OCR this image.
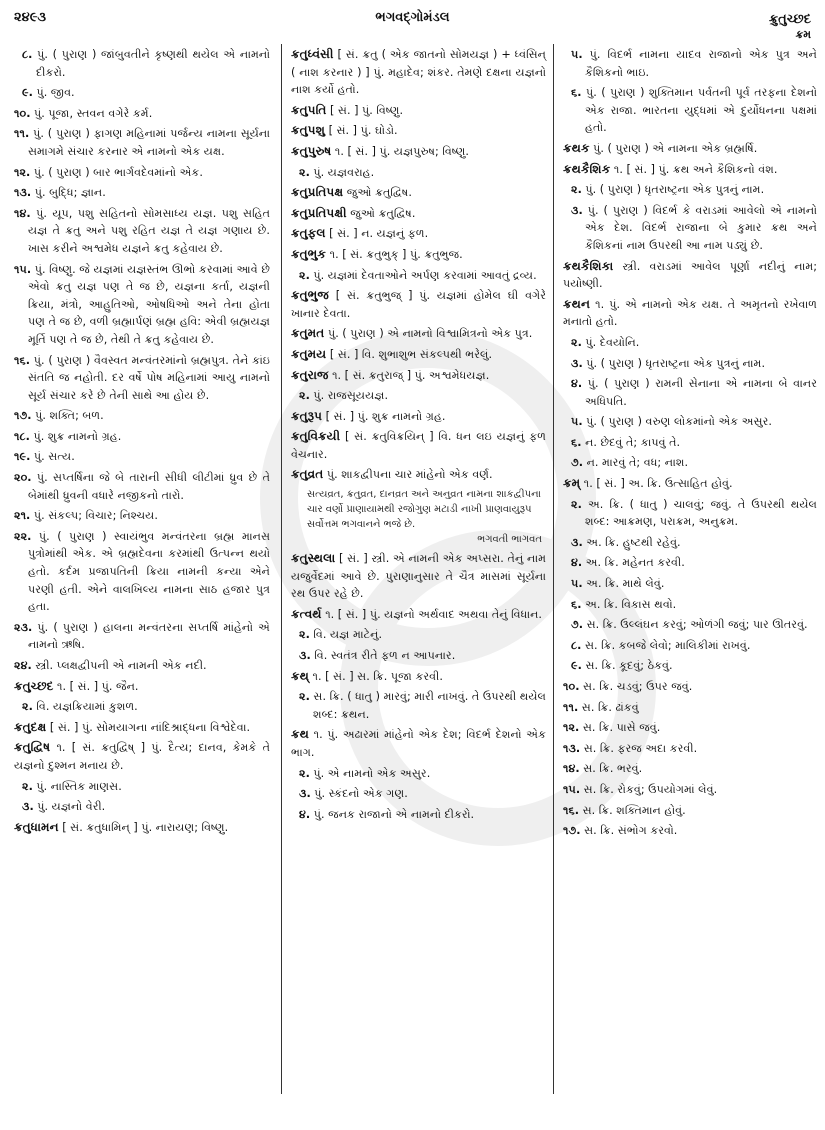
૨૪૯૩	ભગવદ્ગોમંડલ	ક્રુતુચ્છદ
ક્રમ
૮. પું. ( પુરાણ ) જાંબુવતીને કૃષ્ણથી થયેલ એ નામનો દીકરો.
૯. પું. જીવ.
૧૦. પું. પૂજા, સ્તવન વગેરે કર્મ.
૧૧. પું. ( પુરાણ ) ફાગણ મહિનામાં પર્જન્ય નામના સૂર્યના સમાગમે સંચાર કરનાર એ નામનો એક યક્ષ.
૧૨. પું. ( પુરાણ ) બાર ભાર્ગવદેવમાંનો એક.
૧૩. પું. બુદ્ધિ; જ્ઞાન.
૧૪. પું. યૂપ, પશુ સહિતનો સોમસાધ્ય યજ્ઞ. પશુ સહિત યજ્ઞ તે ક્રતુ અને પશુ રહિત યજ્ઞ તે યજ્ઞ ગણાય છે. ખાસ કરીને અશ્વમેધ યજ્ઞને ક્રતુ કહેવાય છે.
૧૫. પું. વિષ્ણુ. જે યજ્ઞમાં યજ્ઞસ્તંભ ઊભો કરવામાં આવે છે એવો ક્રતુ યજ્ઞ પણ તે જ છે, યજ્ઞના કર્તા, યજ્ઞની ક્રિયા, મંત્રો, આહુતિઓ, ઓષધિઓ અને તેના હોતા પણ તે જ છે, વળી બ્રહ્માર્પણં બ્રહ્મ હવિ: એવી બ્રહ્મયજ્ઞ મૂર્તિ પણ તે જ છે, તેથી તે ક્રતુ કહેવાય છે.
૧૬. પું. ( પુરાણ ) વૈવસ્વત મન્વંતરમાંનો બ્રહ્મપુત્ર. તેને કાંઇ સંતતિ જ નહોતી. દર વર્ષે પોષ મહિનામાં આયુ નામનો સૂર્ય સંચાર કરે છે તેની સાથે આ હોય છે.
૧૭. પું. શક્તિ; બળ.
૧૮. પું. શુક્ર નામનો ગ્રહ.
૧૯. પું. સત્ય.
૨૦. પું. સપ્તર્ષિના જે બે તારાની સીધી લીટીમાં ધ્રુવ છે તે બેમાંથી ધ્રુવની વધારે નજીકનો તારો.
૨૧. પું. સંકલ્પ; વિચાર; નિશ્ચય.
૨૨. પું. ( પુરાણ ) સ્વાયંભુવ મન્વંતરના બ્રહ્મ માનસ પુત્રોમાંથી એક. એ બ્રહ્મદેવના કરમાંથી ઉત્પન્ન થયો હતો. કર્દમ પ્રજાપતિની ક્રિયા નામની કન્યા એને પરણી હતી. એને વાલખિલ્ય નામના સાઠ હજાર પુત્ર હતા.
૨૩. પું. ( પુરાણ ) હાલના મન્વંતરના સપ્તર્ષિ માંહેનો એ નામનો ઋષિ.
૨૪. સ્ત્રી. પ્લક્ષદ્વીપની એ નામની એક નદી.
ક્રતુચ્છદ ૧. [ સં. ] પું. જૈન.
૨. વિ. યજ્ઞક્રિયામાં કુશળ.
ક્રતુદક્ષ [ સં. ] પું. સોમયાગના નાંદિશ્રાદ્ધના વિશ્વેદેવા.
ક્રતુદ્વિષ ૧. [ સં. ક્રતુદ્વિષ્ ] પું. દૈત્ય; દાનવ, કેમકે તે યજ્ઞનો દુશ્મન મનાય છે.
૨. પું. નાસ્તિક માણસ.
૩. પું. યજ્ઞનો વેરી.
ક્રતુધામન [ સં. ક્રતુધામિન્ ] પું. નારાયણ; વિષ્ણુ.
ક્રતુધ્વંસી [ સં. ક્રતુ ( એક જાતનો સોમયજ્ઞ ) + ધ્વંસિન્ ( નાશ કરનાર ) ] પું. મહાદેવ; શંકર. તેમણે દક્ષના યજ્ઞનો નાશ કર્યો હતો.
ક્રતુપતિ [ સં. ] પું. વિષ્ણુ.
ક્રતુપશુ [ સં. ] પું. ઘોડો.
ક્રતુપુરુષ ૧. [ સં. ] પું. યજ્ઞપુરુષ; વિષ્ણુ.
૨. પું. યજ્ઞવરાહ.
ક્રતુપ્રતિપક્ષ જુઓ ક્રતુદ્વિષ.
ક્રતુપ્રતિપક્ષી જુઓ ક્રતુદ્વિષ.
ક્રતુફલ [ સં. ] ન. યજ્ઞનું ફળ.
ક્રતુભુક ૧. [ સં. ક્રતુભુક્ ] પું. ક્રતુભુજ.
૨. પું. યજ્ઞમાં દેવતાઓને અર્પણ કરવામાં આવતું દ્રવ્ય.
ક્રતુભુજ [ સં. ક્રતુભુજ્ ] પું. યજ્ઞમાં હોમેલ ઘી વગેરે ખાનાર દેવતા.
ક્રતુમત પું. ( પુરાણ ) એ નામનો વિશ્વામિત્રનો એક પુત્ર.
ક્રતુમય [ સં. ] વિ. શુભાશુભ સંકલ્પથી ભરેલું.
ક્રતુરાજ ૧. [ સં. ક્રતુરાજ્ ] પું. અશ્વમેધયજ્ઞ.
૨. પું. રાજસૂયયજ્ઞ.
ક્રતુરૂપ [ સં. ] પું. શુક્ર નામનો ગ્રહ.
ક્રતુવિક્રયી [ સં. ક્રતુવિક્રયિન્ ] વિ. ધન લઇ યજ્ઞનું ફળ વેચનાર.
ક્રતુવ્રત પું. શાકદ્વીપના ચાર માંહેનો એક વર્ણ.
સત્યવ્રત, ક્રતુવ્રત, દાનવ્રત અને અનુવ્રત નામના શાકદ્વીપના ચાર વર્ણો પ્રાણાયામથી રજોગુણ મટાડી નાખી પ્રાણવાયુરૂપ સર્વોત્તમ ભગવાનને ભજે છે.
ભગવતી ભાગવત
ક્રતુસ્થલા [ સં. ] સ્ત્રી. એ નામની એક અપ્સરા. તેનું નામ યજુર્વેદમાં આવે છે. પુરાણાનુસાર તે ચૈત્ર માસમાં સૂર્યના રથ ઉપર રહે છે.
ક્રત્વર્થ ૧. [ સં. ] પું. યજ્ઞનો અર્થવાદ અથવા તેનું વિધાન.
૨. વિ. યજ્ઞ માટેનું.
૩. વિ. સ્વતંત્ર રીતે ફળ ન આપનાર.
ક્રથ્ ૧. [ સં. ] સ. ક્રિ. પૂજા કરવી.
૨. સ. ક્રિ. ( ધાતુ ) મારવું; મારી નાખવું. તે ઉપરથી થયેલ શબ્દ: ક્રથન.
ક્રથ ૧. પું. અઢારમાં માંહેનો એક દેશ; વિદર્ભ દેશનો એક ભાગ.
૨. પું. એ નામનો એક અસુર.
૩. પું. સ્કંદનો એક ગણ.
૪. પું. જનક રાજાનો એ નામનો દીકરો.
૫. પું. વિદર્ભ નામના યાદવ રાજાનો એક પુત્ર અને કૈશિકનો ભાઇ.
૬. પું. ( પુરાણ ) શુક્તિમાન પર્વતની પૂર્વ તરફના દેશનો એક રાજા. ભારતના યુદ્ધમાં એ દુર્યોધનના પક્ષમાં હતો.
ક્રથક પું. ( પુરાણ ) એ નામના એક બ્રહ્મર્ષિ.
ક્રથકૈશિક ૧. [ સં. ] પું. ક્રથ અને કૈશિકનો વંશ.
૨. પું. ( પુરાણ ) ધૃતરાષ્ટ્રના એક પુત્રનું નામ.
૩. પું. ( પુરાણ ) વિદર્ભ કે વરાડમાં આવેલો એ નામનો એક દેશ. વિદર્ભ રાજાના બે કુમાર ક્રથ અને કૈશિકનાં નામ ઉપરથી આ નામ પડ્યું છે.
ક્રથકૈશિકા સ્ત્રી. વરાડમાં આવેલ પૂર્ણા નદીનું નામ; પયોષ્ણી.
ક્રથન ૧. પું. એ નામનો એક યક્ષ. તે અમૃતનો રખેવાળ મનાતો હતો.
૨. પું. દેવયોનિ.
૩. પું. ( પુરાણ ) ધૃતરાષ્ટ્રના એક પુત્રનું નામ.
૪. પું. ( પુરાણ ) રામની સેનાના એ નામના બે વાનર અધિપતિ.
૫. પું. ( પુરાણ ) વરુણ લોકમાંનો એક અસુર.
૬. ન. છેદવું તે; કાપવું તે.
૭. ન. મારવું તે; વધ; નાશ.
ક્રમ્ ૧. [ સં. ] અ. ક્રિ. ઉત્સાહિત હોવું.
૨. અ. ક્રિ. ( ધાતુ ) ચાલવું; જવું. તે ઉપરથી થયેલ શબ્દ: આક્રમણ, પરાક્રમ, અનુક્રમ.
૩. અ. ક્રિ. હુષ્ટથી રહેવું.
૪. અ. ક્રિ. મહેનત કરવી.
૫. અ. ક્રિ. માથે લેવું.
૬. અ. ક્રિ. વિકાસ થવો.
૭. સ. ક્રિ. ઉલ્લંઘન કરવું; ઓળંગી જવું; પાર ઊતરવું.
૮. સ. ક્રિ. કબજે લેવો; માલિકીમાં રાખવું.
૯. સ. ક્રિ. કૂદવું; ઠેકવું.
૧૦. સ. ક્રિ. ચડવું; ઉપર જવું.
૧૧. સ. ક્રિ. ઢાંકવું
૧૨. સ. ક્રિ. પાસે જવું.
૧૩. સ. ક્રિ. ફરજ અદા કરવી.
૧૪. સ. ક્રિ. ભરવું.
૧૫. સ. ક્રિ. રોકવું; ઉપયોગમાં લેવું.
૧૬. સ. ક્રિ. શક્તિમાન હોવું.
૧૭. સ. ક્રિ. સંભોગ કરવો.
